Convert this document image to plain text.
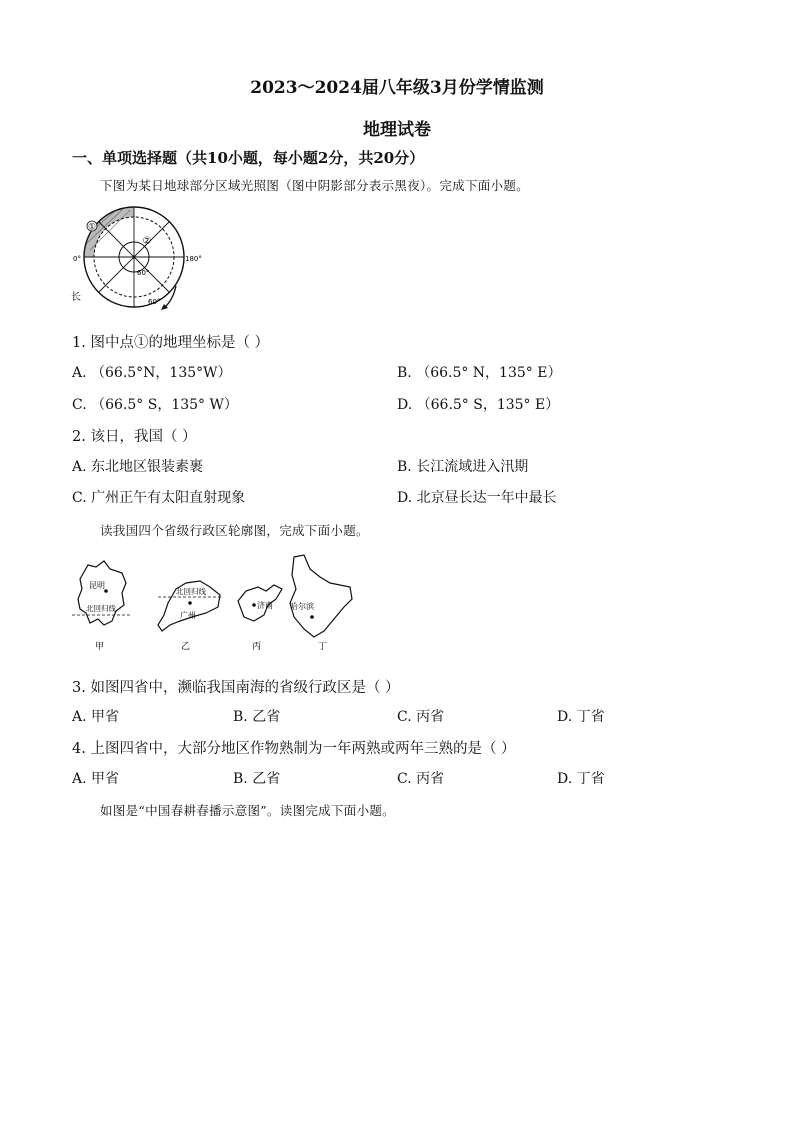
2023～2024届八年级3月份学情监测
地理试卷
一、单项选择题（共10小题，每小题2分，共20分）
下图为某日地球部分区域光照图（图中阴影部分表示黑夜）。完成下面小题。
①
②
0°	180°
60°
60°
长
1. 图中点①的地理坐标是（ ）
A. （66.5°N，135°W）	B. （66.5° N，135° E）
C. （66.5° S，135° W）	D. （66.5° S，135° E）
2. 该日，我国（ ）
A. 东北地区银装素裹	B. 长江流域进入汛期
C. 广州正午有太阳直射现象	D. 北京昼长达一年中最长
读我国四个省级行政区轮廓图，完成下面小题。
昆明
北回归线
甲
广州
北回归线
乙
济南
丙
哈尔滨
丁
3. 如图四省中，濒临我国南海的省级行政区是（ ）
A. 甲省	B. 乙省	C. 丙省	D. 丁省
4. 上图四省中，大部分地区作物熟制为一年两熟或两年三熟的是（ ）
A. 甲省	B. 乙省	C. 丙省	D. 丁省
如图是“中国春耕春播示意图”。读图完成下面小题。
